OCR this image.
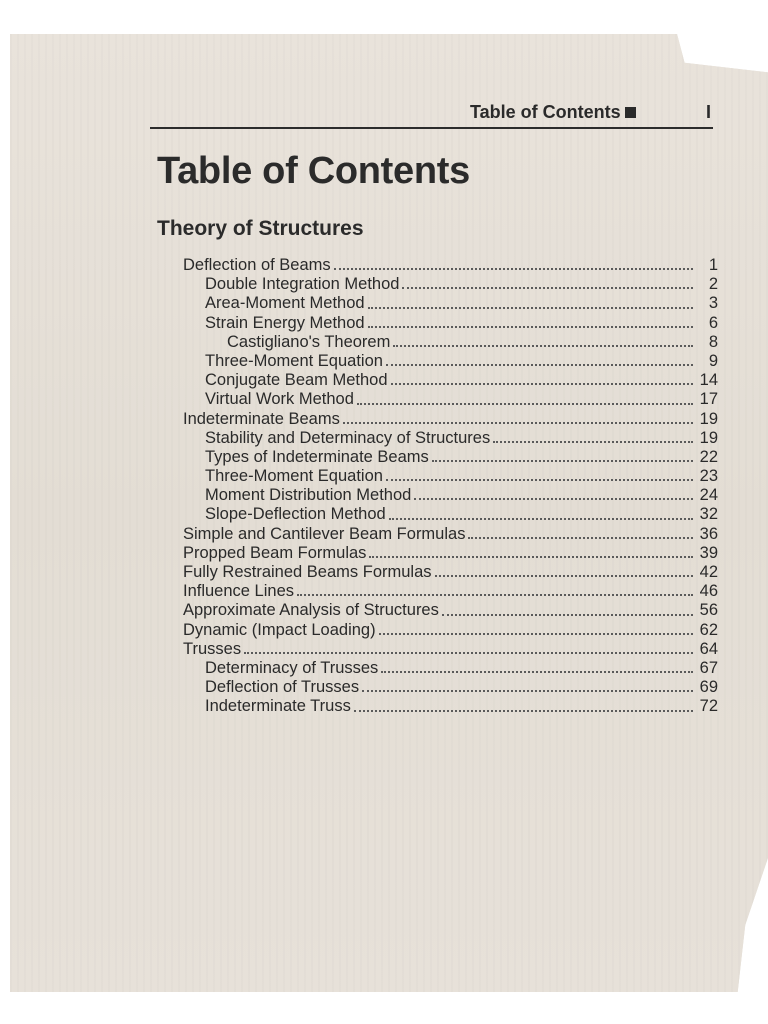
Table of Contents	I
Table of Contents
Theory of Structures
Deflection of Beams	1
Double Integration Method	2
Area-Moment Method	3
Strain Energy Method	6
Castigliano's Theorem	8
Three-Moment Equation	9
Conjugate Beam Method	14
Virtual Work Method	17
Indeterminate Beams	19
Stability and Determinacy of Structures	19
Types of Indeterminate Beams	22
Three-Moment Equation	23
Moment Distribution Method	24
Slope-Deflection Method	32
Simple and Cantilever Beam Formulas	36
Propped Beam Formulas	39
Fully Restrained Beams Formulas	42
Influence Lines	46
Approximate Analysis of Structures	56
Dynamic (Impact Loading)	62
Trusses	64
Determinacy of Trusses	67
Deflection of Trusses	69
Indeterminate Truss	72
